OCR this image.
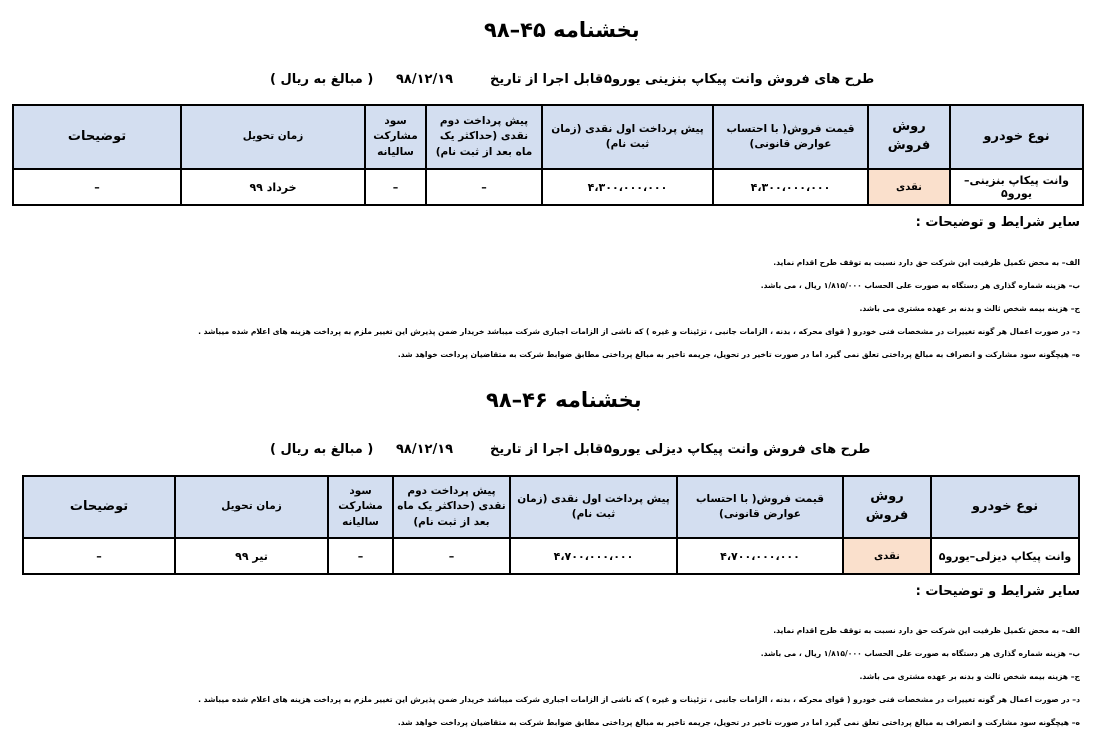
بخشنامه ۴۵–۹۸
طرح های فروش وانت پیکاپ بنزینی یورو۵
قابل اجرا از تاریخ
۹۸/۱۲/۱۹
( مبالغ به ریال )
نوع خودرو	روش فروش	قیمت فروش( با احتساب عوارض قانونی)	پیش پرداخت اول نقدی (زمان ثبت نام)	پیش پرداخت دوم نقدی (حداکثر یک ماه بعد از ثبت نام)	سود مشارکت سالیانه	زمان تحویل	توضیحات
وانت پیکاپ بنزینی– یورو۵	نقدی	۴،۳۰۰،۰۰۰،۰۰۰	۴،۳۰۰،۰۰۰،۰۰۰	–	–	خرداد ۹۹	–
سایر شرایط و توضیحات :
الف– به محض تکمیل ظرفیت این شرکت حق دارد نسبت به توقف طرح اقدام نماید.
ب– هزینه شماره گذاری هر دستگاه به صورت علی الحساب ۱/۸۱۵/۰۰۰ ریال ، می باشد.
ج– هزینه بیمه شخص ثالث و بدنه بر عهده مشتری می باشد.
د– در صورت اعمال هر گونه تغییرات در مشخصات فنی خودرو ( قوای محرکه ، بدنه ، الزامات جانبی ، تزئینات و غیره ) که ناشی از الزامات اجباری شرکت میباشد خریدار ضمن پذیرش این تغییر ملزم به پرداخت هزینه های اعلام شده میباشد .
ه– هیچگونه سود مشارکت و انصراف به مبالغ پرداختی تعلق نمی گیرد اما در صورت تاخیر در تحویل، جریمه تاخیر به مبالغ پرداختی مطابق ضوابط شرکت به متقاضیان پرداخت خواهد شد.
بخشنامه ۴۶–۹۸
طرح های فروش وانت پیکاپ دیزلی یورو۵
قابل اجرا از تاریخ
۹۸/۱۲/۱۹
( مبالغ به ریال )
نوع خودرو	روش فروش	قیمت فروش( با احتساب عوارض قانونی)	پیش پرداخت اول نقدی (زمان ثبت نام)	پیش پرداخت دوم نقدی (حداکثر یک ماه بعد از ثبت نام)	سود مشارکت سالیانه	زمان تحویل	توضیحات
وانت پیکاپ دیزلی–یورو۵	نقدی	۴،۷۰۰،۰۰۰،۰۰۰	۴،۷۰۰،۰۰۰،۰۰۰	–	–	تیر ۹۹	–
سایر شرایط و توضیحات :
الف– به محض تکمیل ظرفیت این شرکت حق دارد نسبت به توقف طرح اقدام نماید.
ب– هزینه شماره گذاری هر دستگاه به صورت علی الحساب ۱/۸۱۵/۰۰۰ ریال ، می باشد.
ج– هزینه بیمه شخص ثالث و بدنه بر عهده مشتری می باشد.
د– در صورت اعمال هر گونه تغییرات در مشخصات فنی خودرو ( قوای محرکه ، بدنه ، الزامات جانبی ، تزئینات و غیره ) که ناشی از الزامات اجباری شرکت میباشد خریدار ضمن پذیرش این تغییر ملزم به پرداخت هزینه های اعلام شده میباشد .
ه– هیچگونه سود مشارکت و انصراف به مبالغ پرداختی تعلق نمی گیرد اما در صورت تاخیر در تحویل، جریمه تاخیر به مبالغ پرداختی مطابق ضوابط شرکت به متقاضیان پرداخت خواهد شد.
